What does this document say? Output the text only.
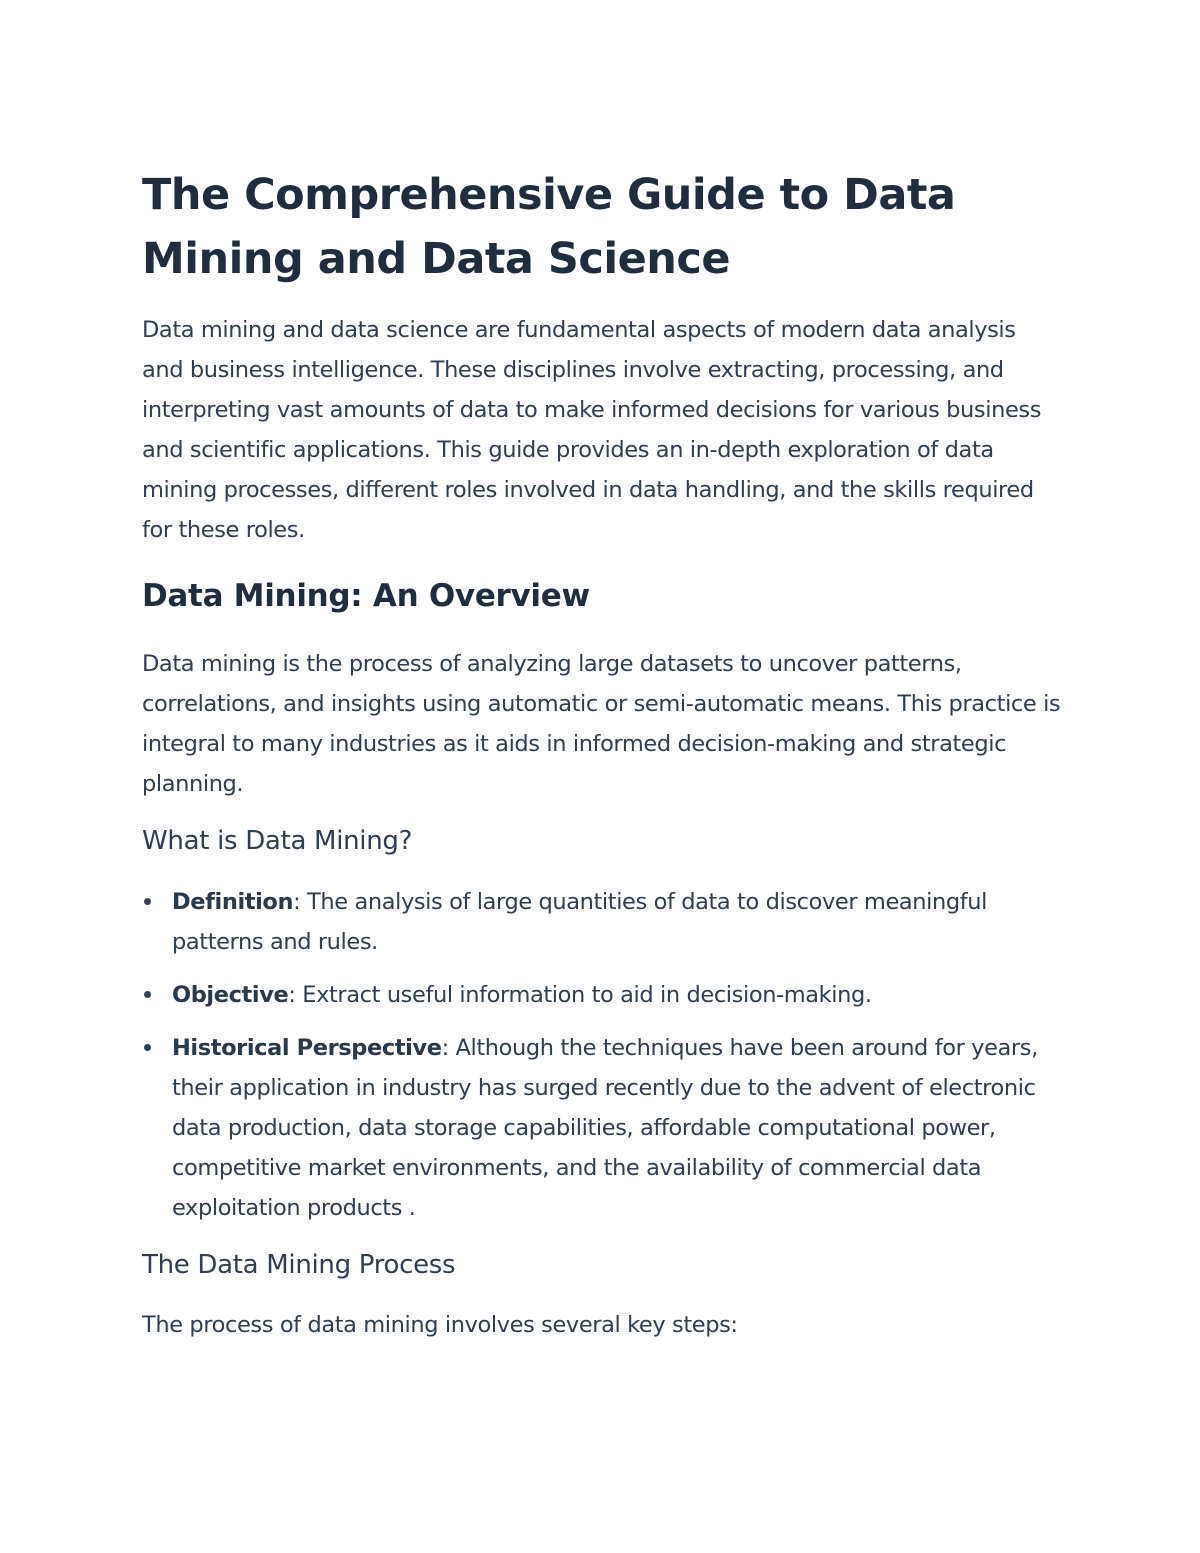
The Comprehensive Guide to Data Mining and Data Science

Data mining and data science are fundamental aspects of modern data analysis and business intelligence. These disciplines involve extracting, processing, and interpreting vast amounts of data to make informed decisions for various business and scientific applications. This guide provides an in-depth exploration of data mining processes, different roles involved in data handling, and the skills required for these roles.

Data Mining: An Overview

Data mining is the process of analyzing large datasets to uncover patterns, correlations, and insights using automatic or semi-automatic means. This practice is integral to many industries as it aids in informed decision-making and strategic planning.

What is Data Mining?
Definition: The analysis of large quantities of data to discover meaningful patterns and rules.
Objective: Extract useful information to aid in decision-making.
Historical Perspective: Although the techniques have been around for years, their application in industry has surged recently due to the advent of electronic data production, data storage capabilities, affordable computational power, competitive market environments, and the availability of commercial data exploitation products .
The Data Mining Process

The process of data mining involves several key steps:
